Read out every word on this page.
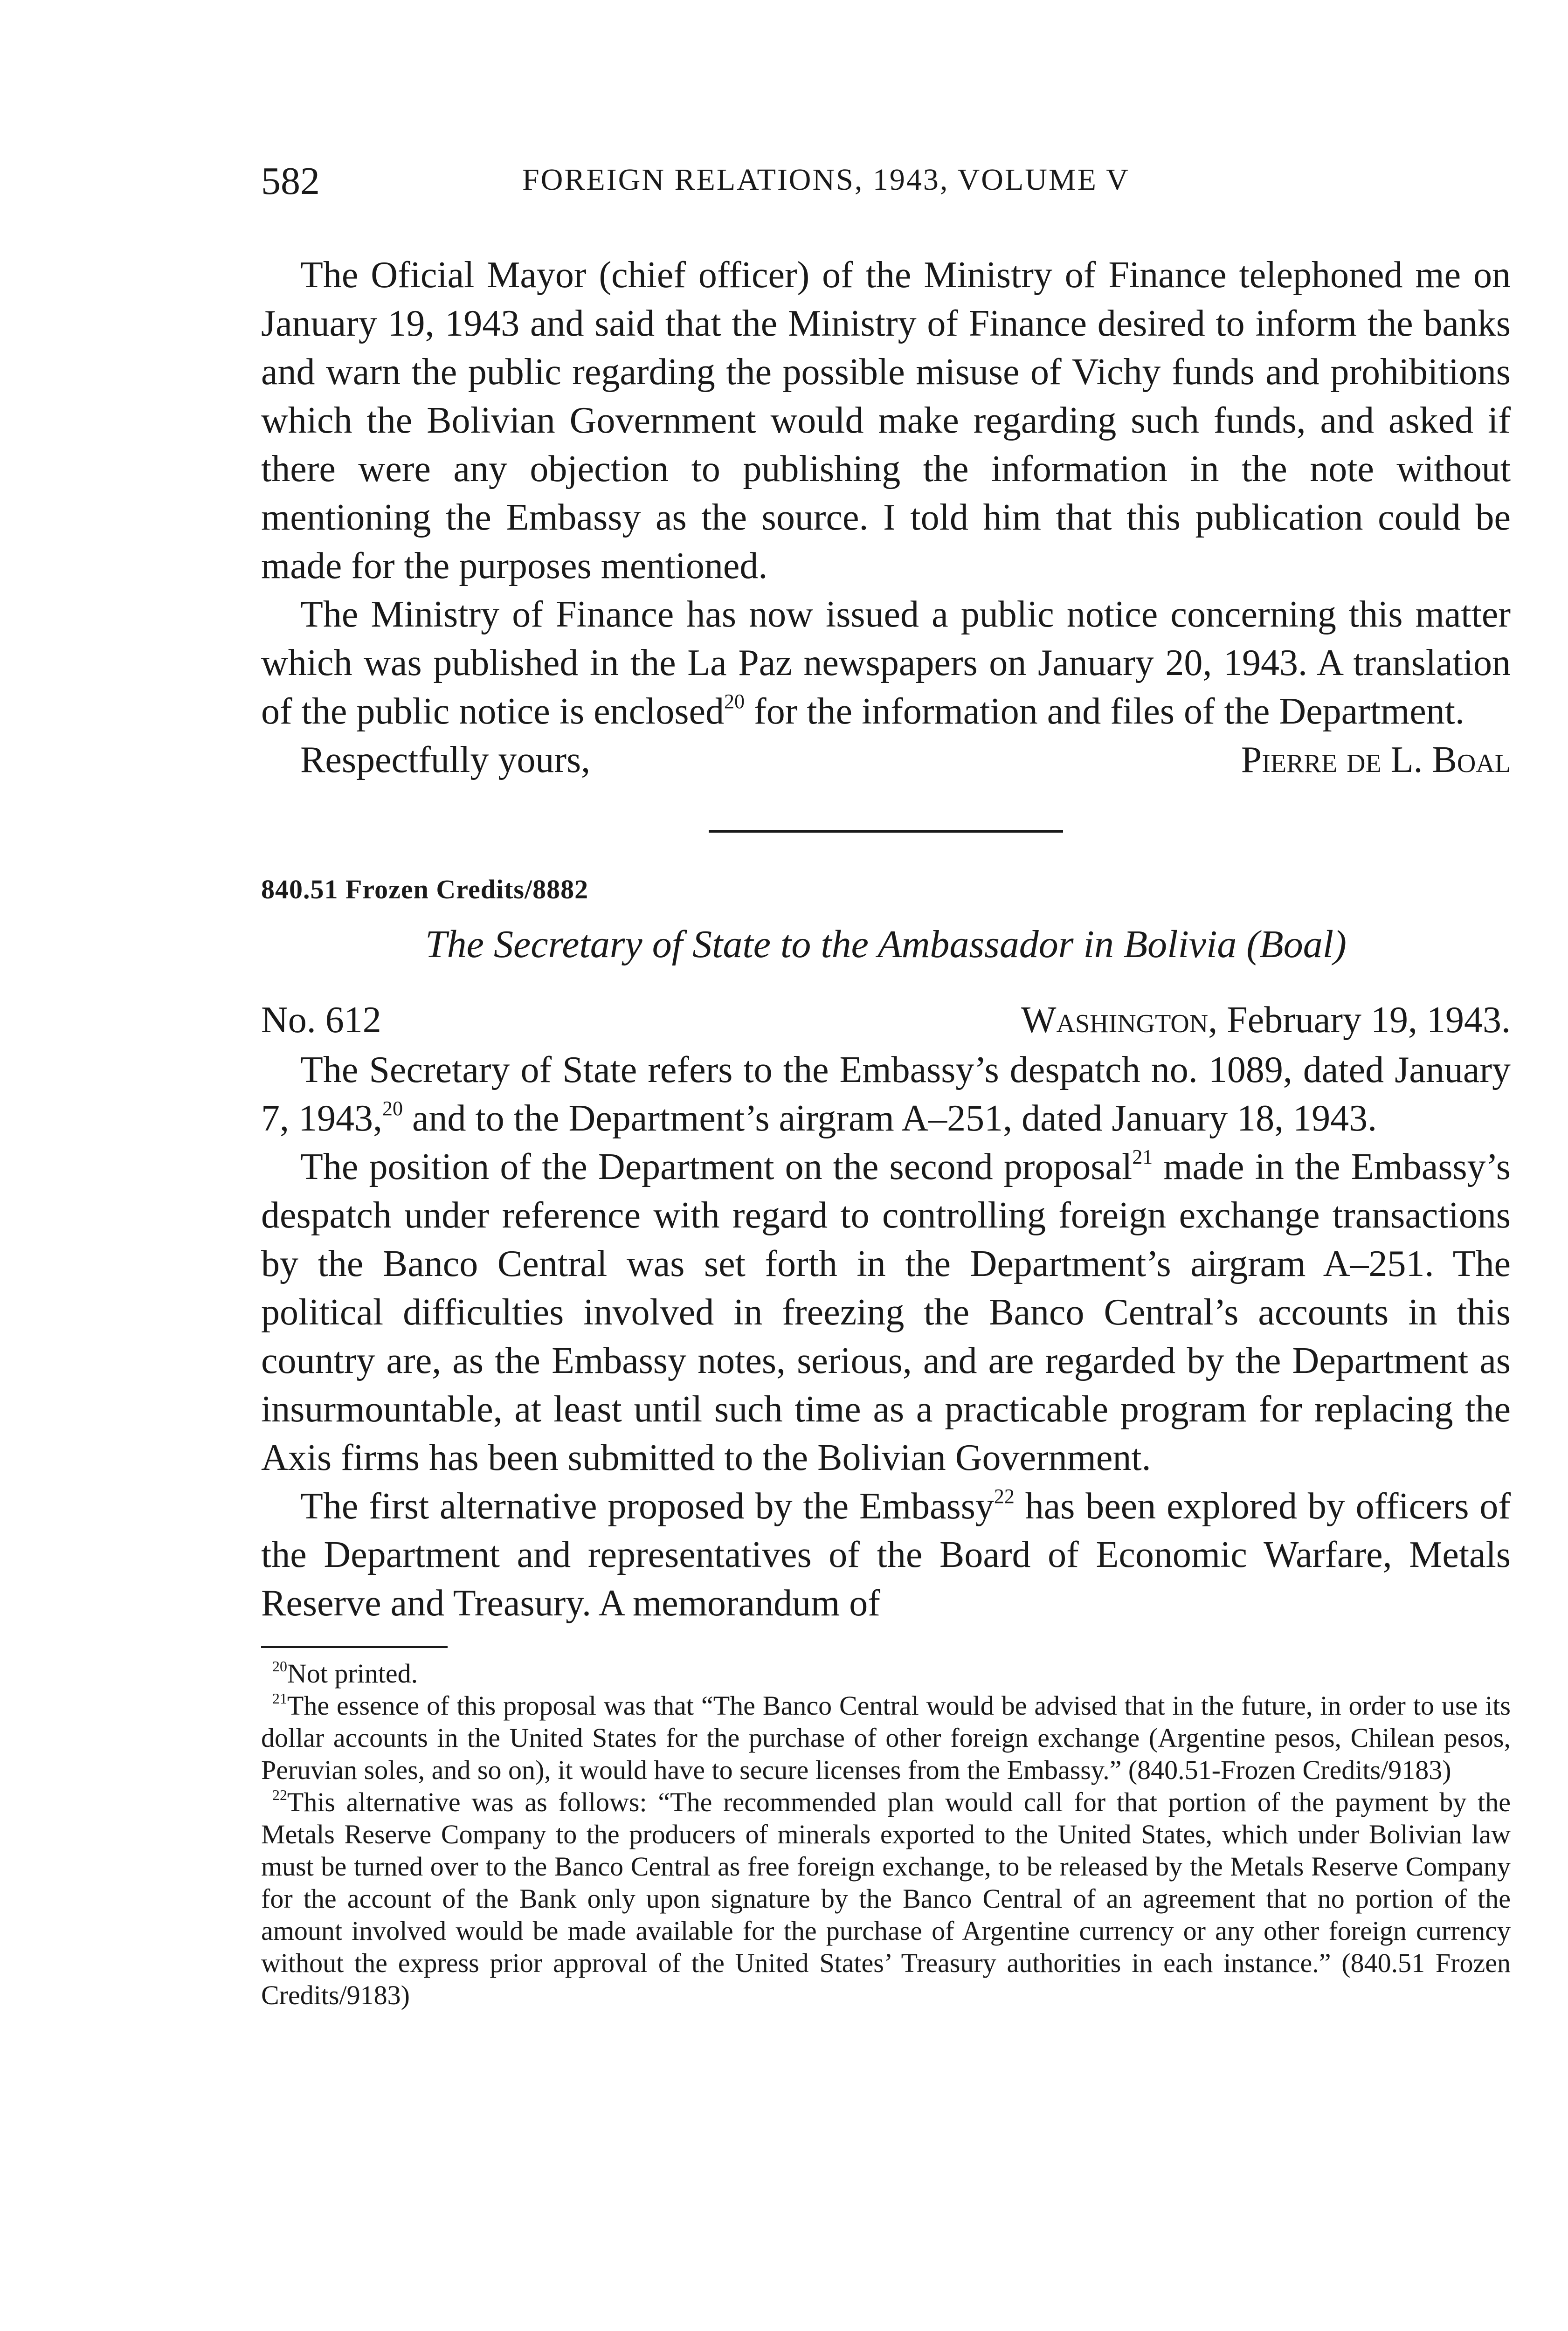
582	FOREIGN RELATIONS, 1943, VOLUME V

The Oficial Mayor (chief officer) of the Ministry of Finance telephoned me on January 19, 1943 and said that the Ministry of Finance desired to inform the banks and warn the public regarding the possible misuse of Vichy funds and prohibitions which the Bolivian Government would make regarding such funds, and asked if there were any objection to publishing the information in the note without mentioning the Embassy as the source. I told him that this publication could be made for the purposes mentioned.

The Ministry of Finance has now issued a public notice concerning this matter which was published in the La Paz newspapers on January 20, 1943. A translation of the public notice is enclosed$^{20}$ for the information and files of the Department.

Respectfully yours,	Pierre de L. Boal
840.51 Frozen Credits/8882
The Secretary of State to the Ambassador in Bolivia (Boal)
No. 612	Washington, February 19, 1943.

The Secretary of State refers to the Embassy’s despatch no. 1089, dated January 7, 1943,20 and to the Department’s airgram A–251, dated January 18, 1943.

The position of the Department on the second proposal$^{21}$ made in the Embassy’s despatch under reference with regard to controlling foreign exchange transactions by the Banco Central was set forth in the Department’s airgram A–251. The political difficulties involved in freezing the Banco Central’s accounts in this country are, as the Embassy notes, serious, and are regarded by the Department as insurmountable, at least until such time as a practicable program for replacing the Axis firms has been submitted to the Bolivian Government.

The first alternative proposed by the Embassy$^{22}$ has been explored by officers of the Department and representatives of the Board of Economic Warfare, Metals Reserve and Treasury. A memorandum of

$^{20}$Not printed.

$^{21}$The essence of this proposal was that “The Banco Central would be advised that in the future, in order to use its dollar accounts in the United States for the purchase of other foreign exchange (Argentine pesos, Chilean pesos, Peruvian soles, and so on), it would have to secure licenses from the Embassy.” (840.51-Frozen Credits/9183)

$^{22}$This alternative was as follows: “The recommended plan would call for that portion of the payment by the Metals Reserve Company to the producers of minerals exported to the United States, which under Bolivian law must be turned over to the Banco Central as free foreign exchange, to be released by the Metals Reserve Company for the account of the Bank only upon signature by the Banco Central of an agreement that no portion of the amount involved would be made available for the purchase of Argentine currency or any other foreign currency without the express prior approval of the United States’ Treasury authorities in each instance.” (840.51 Frozen Credits/9183)
